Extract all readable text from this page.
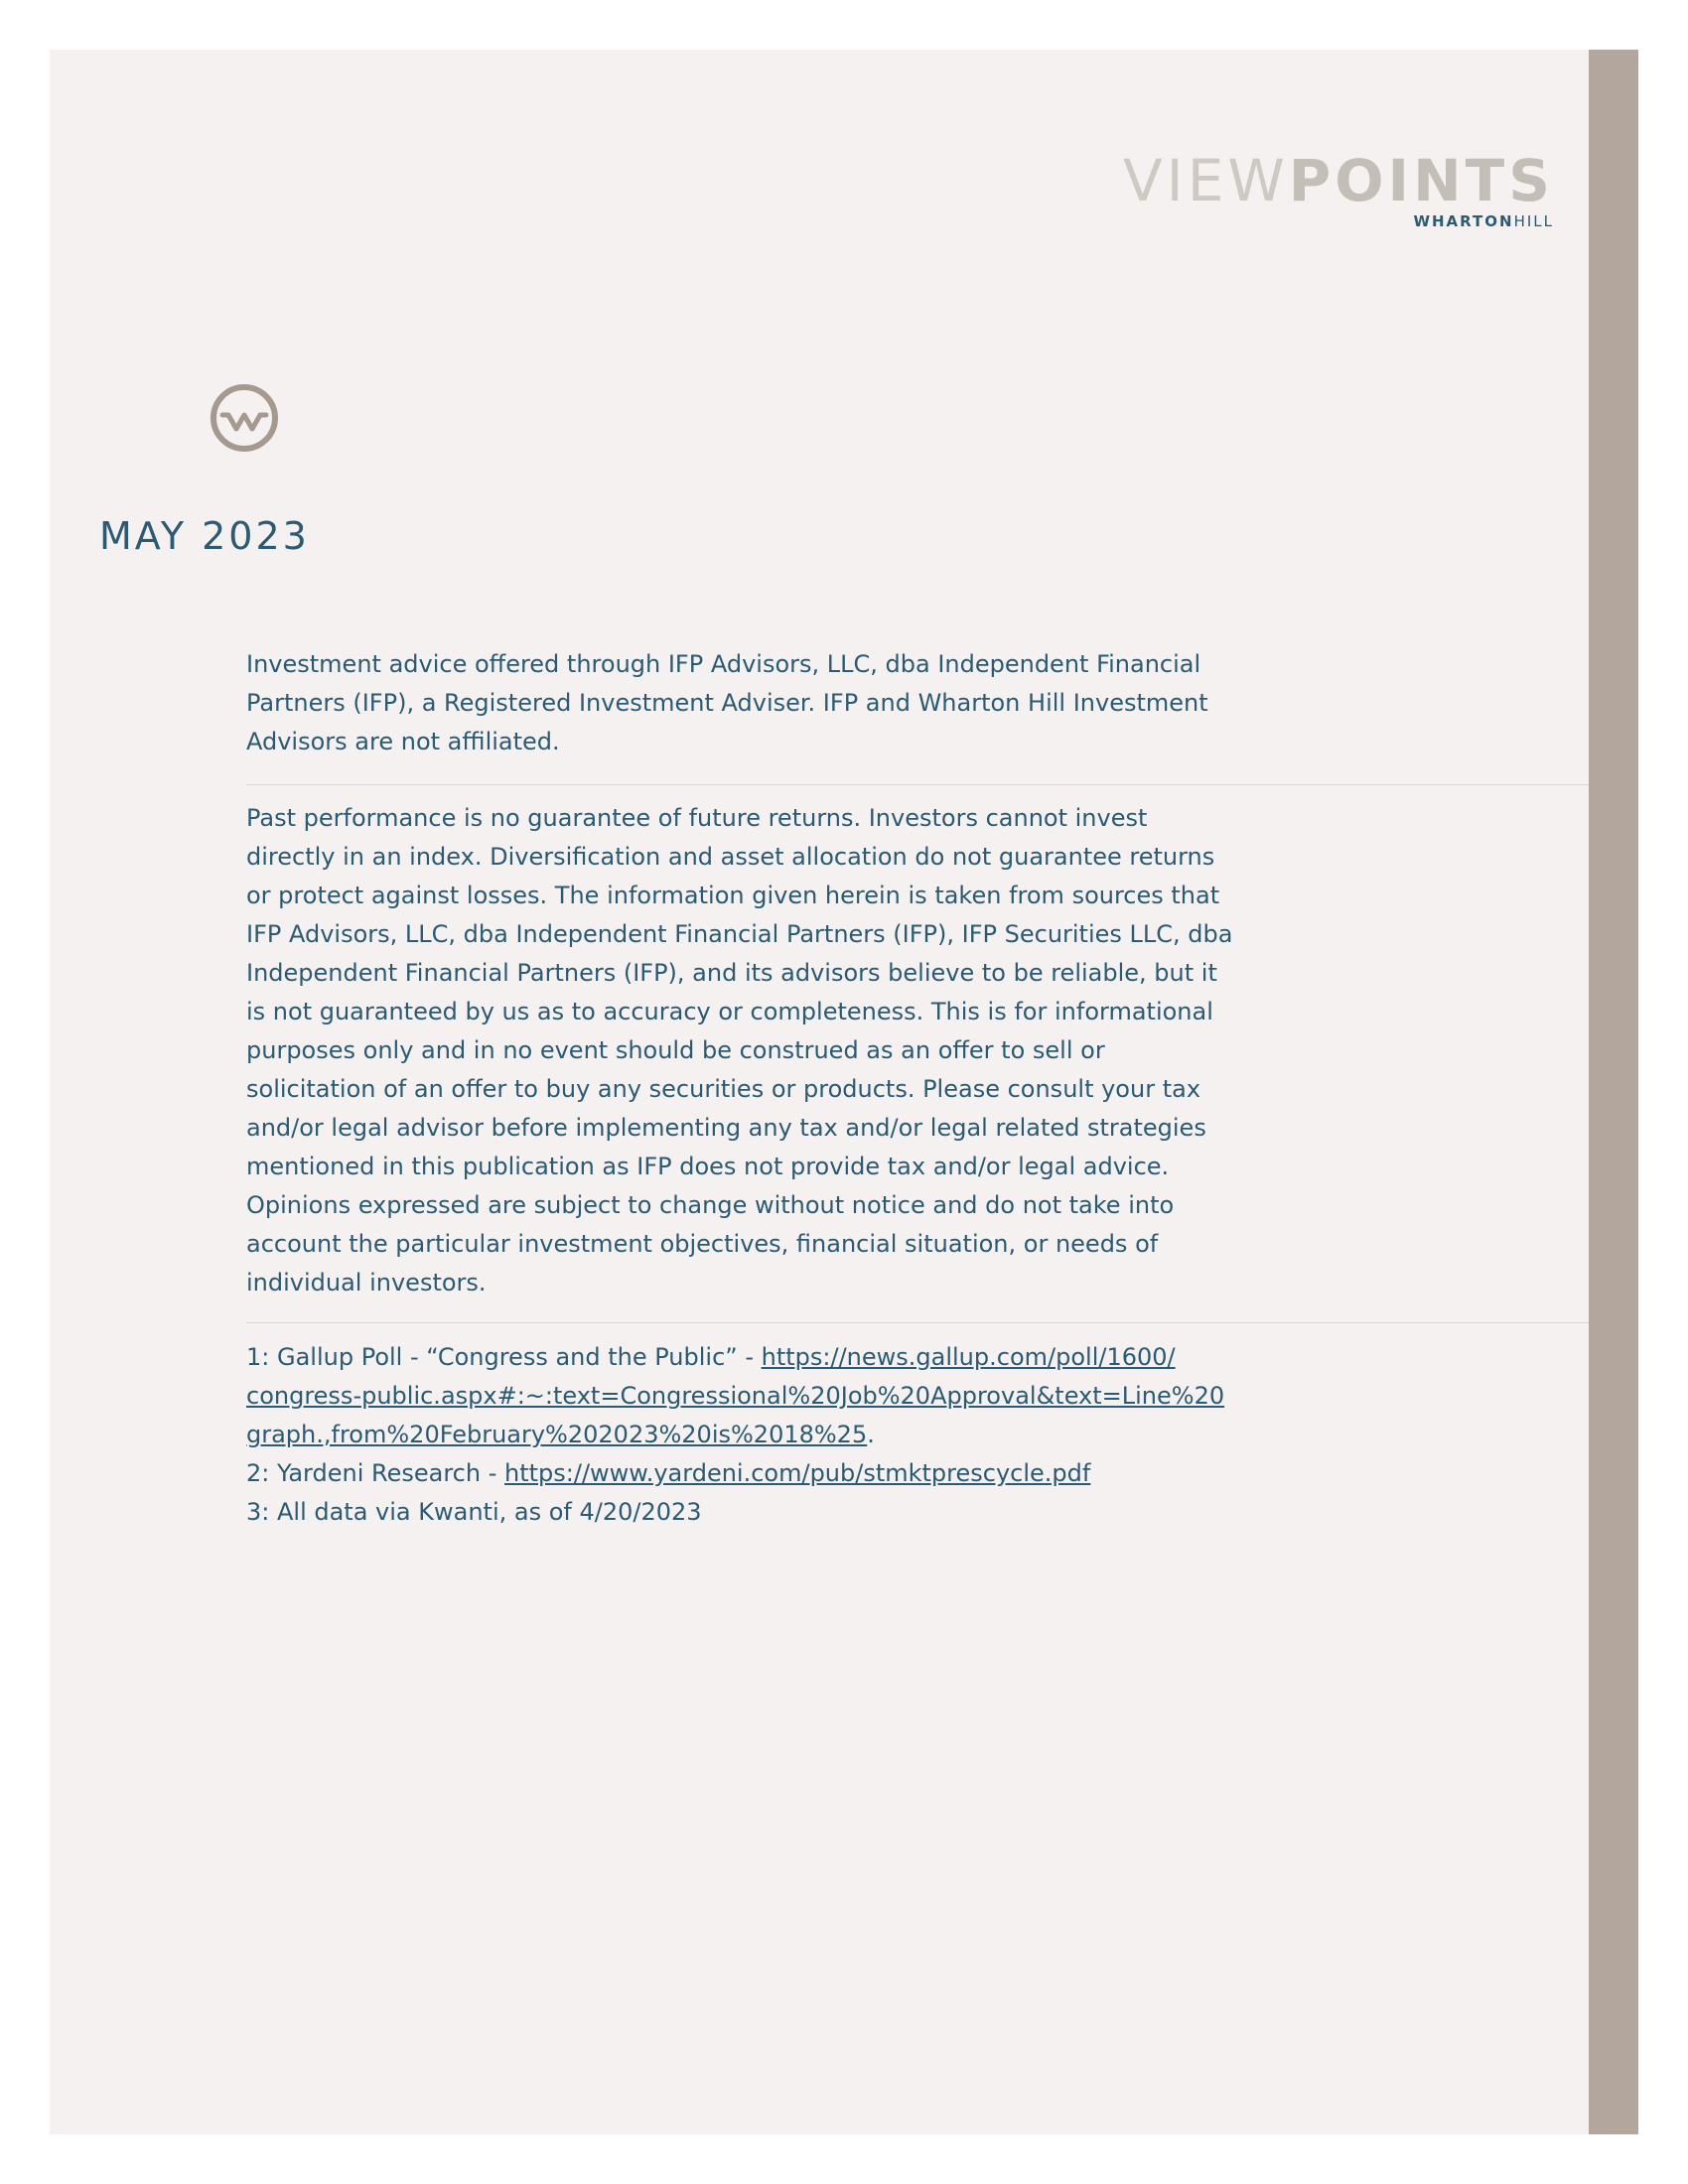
VIEWPOINTS
WHARTONHILL
MAY 2023

Investment advice offered through IFP Advisors, LLC, dba Independent Financial Partners (IFP), a Registered Investment Adviser. IFP and Wharton Hill Investment Advisors are not affiliated.

Past performance is no guarantee of future returns. Investors cannot invest directly in an index. Diversification and asset allocation do not guarantee returns or protect against losses. The information given herein is taken from sources that IFP Advisors, LLC, dba Independent Financial Partners (IFP), IFP Securities LLC, dba Independent Financial Partners (IFP), and its advisors believe to be reliable, but it is not guaranteed by us as to accuracy or completeness. This is for informational purposes only and in no event should be construed as an offer to sell or solicitation of an offer to buy any securities or products. Please consult your tax and/or legal advisor before implementing any tax and/or legal related strategies mentioned in this publication as IFP does not provide tax and/or legal advice. Opinions expressed are subject to change without notice and do not take into account the particular investment objectives, financial situation, or needs of individual investors.

1: Gallup Poll - “Congress and the Public” - https://news.gallup.com/poll/1600/
congress-public.aspx#:~:text=Congressional%20Job%20Approval&text=Line%20
graph.,from%20February%202023%20is%2018%25.
2: Yardeni Research - https://www.yardeni.com/pub/stmktprescycle.pdf
3: All data via Kwanti, as of 4/20/2023
